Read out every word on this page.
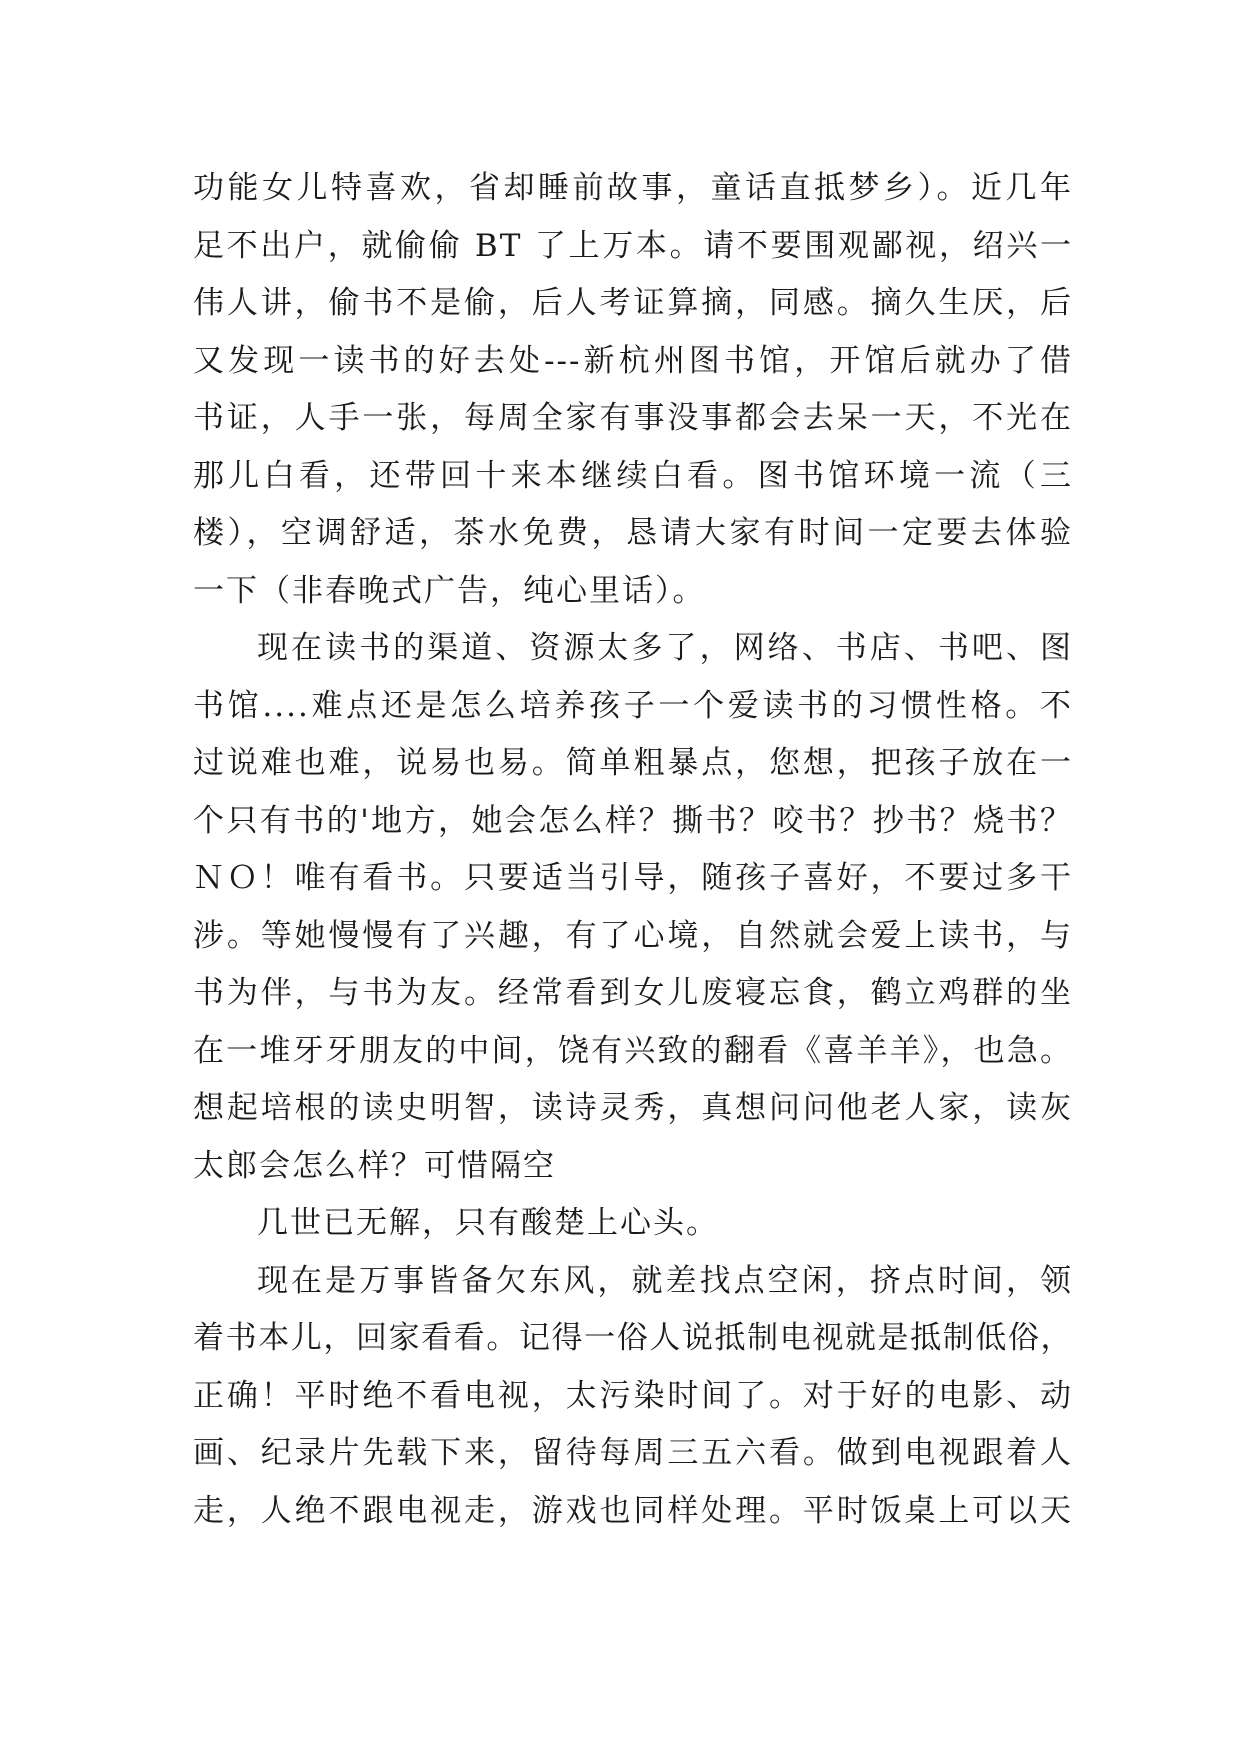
功能女儿特喜欢，省却睡前故事，童话直抵梦乡）。近几年
足不出户，就偷偷 BT 了上万本。请不要围观鄙视，绍兴一
伟人讲，偷书不是偷，后人考证算摘，同感。摘久生厌，后
又发现一读书的好去处---新杭州图书馆，开馆后就办了借
书证，人手一张，每周全家有事没事都会去呆一天，不光在
那儿白看，还带回十来本继续白看。图书馆环境一流（三
楼），空调舒适，茶水免费，恳请大家有时间一定要去体验
一下（非春晚式广告，纯心里话）。
现在读书的渠道、资源太多了，网络、书店、书吧、图
书馆....难点还是怎么培养孩子一个爱读书的习惯性格。不
过说难也难，说易也易。简单粗暴点，您想，把孩子放在一
个只有书的'地方，她会怎么样？撕书？咬书？抄书？烧书？
ＮＯ！唯有看书。只要适当引导，随孩子喜好，不要过多干
涉。等她慢慢有了兴趣，有了心境，自然就会爱上读书，与
书为伴，与书为友。经常看到女儿废寝忘食，鹤立鸡群的坐
在一堆牙牙朋友的中间，饶有兴致的翻看《喜羊羊》，也急。
想起培根的读史明智，读诗灵秀，真想问问他老人家，读灰
太郎会怎么样？可惜隔空
几世已无解，只有酸楚上心头。
现在是万事皆备欠东风，就差找点空闲，挤点时间，领
着书本儿，回家看看。记得一俗人说抵制电视就是抵制低俗，
正确！平时绝不看电视，太污染时间了。对于好的电影、动
画、纪录片先载下来，留待每周三五六看。做到电视跟着人
走，人绝不跟电视走，游戏也同样处理。平时饭桌上可以天
